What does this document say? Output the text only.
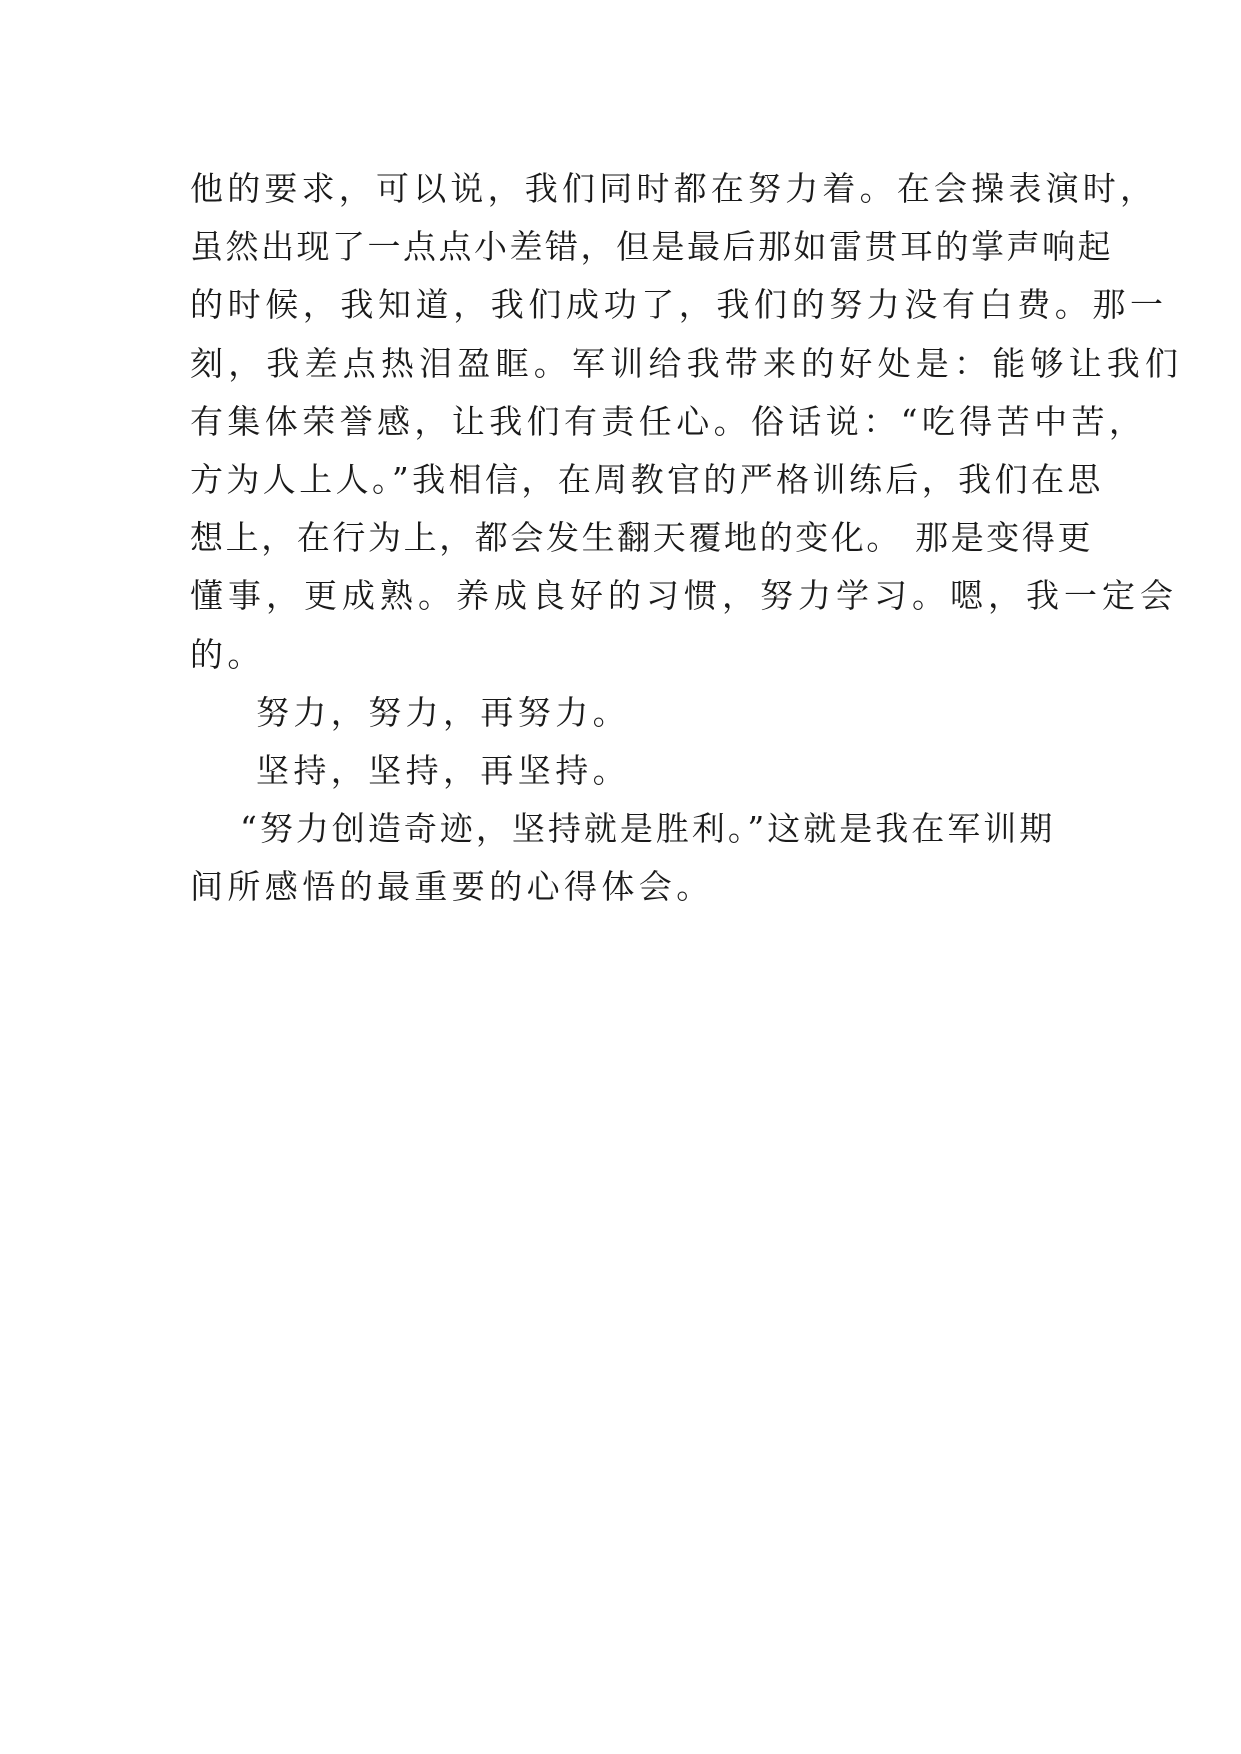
他的要求，可以说，我们同时都在努力着。在会操表演时，
虽然出现了一点点小差错，但是最后那如雷贯耳的掌声响起
的时候，我知道，我们成功了，我们的努力没有白费。那一
刻，我差点热泪盈眶。军训给我带来的好处是：能够让我们
有集体荣誉感，让我们有责任心。俗话说：“吃得苦中苦，
方为人上人。”我相信，在周教官的严格训练后，我们在思
想上，在行为上，都会发生翻天覆地的变化。 那是变得更
懂事，更成熟。养成良好的习惯，努力学习。嗯，我一定会
的。
努力，努力，再努力。
坚持，坚持，再坚持。
“努力创造奇迹，坚持就是胜利。”这就是我在军训期
间所感悟的最重要的心得体会。
